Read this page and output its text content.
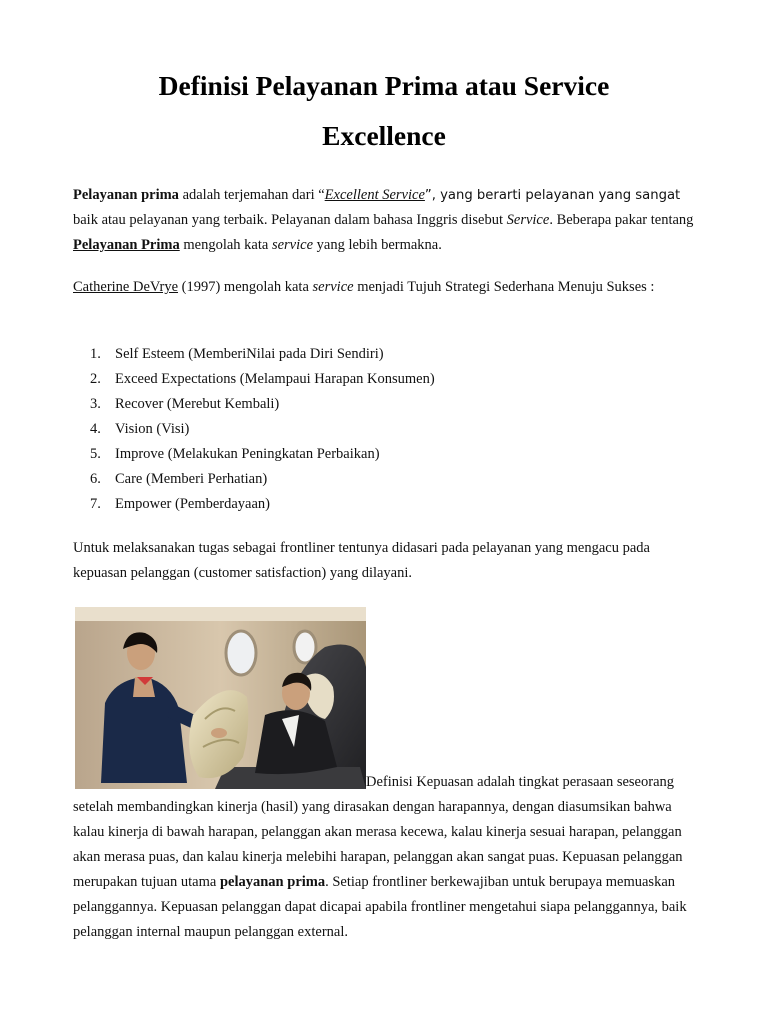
Definisi Pelayanan Prima atau Service
Excellence

Pelayanan prima adalah terjemahan dari “Excellent Service”, yang berarti pelayanan yang sangat baik atau pelayanan yang terbaik. Pelayanan dalam bahasa Inggris disebut Service. Beberapa pakar tentang Pelayanan Prima mengolah kata service yang lebih bermakna.

Catherine DeVrye (1997) mengolah kata service menjadi Tujuh Strategi Sederhana Menuju Sukses :

1. Self Esteem (MemberiNilai pada Diri Sendiri)
2. Exceed Expectations (Melampaui Harapan Konsumen)
3. Recover (Merebut Kembali)
4. Vision (Visi)
5. Improve (Melakukan Peningkatan Perbaikan)
6. Care (Memberi Perhatian)
7. Empower (Pemberdayaan)

Untuk melaksanakan tugas sebagai frontliner tentunya didasari pada pelayanan yang mengacu pada kepuasan pelanggan (customer satisfaction) yang dilayani.

Definisi Kepuasan adalah tingkat perasaan seseorang setelah membandingkan kinerja (hasil) yang dirasakan dengan harapannya, dengan diasumsikan bahwa kalau kinerja di bawah harapan, pelanggan akan merasa kecewa, kalau kinerja sesuai harapan, pelanggan akan merasa puas, dan kalau kinerja melebihi harapan, pelanggan akan sangat puas. Kepuasan pelanggan merupakan tujuan utama pelayanan prima. Setiap frontliner berkewajiban untuk berupaya memuaskan pelanggannya. Kepuasan pelanggan dapat dicapai apabila frontliner mengetahui siapa pelanggannya, baik pelanggan internal maupun pelanggan external.
